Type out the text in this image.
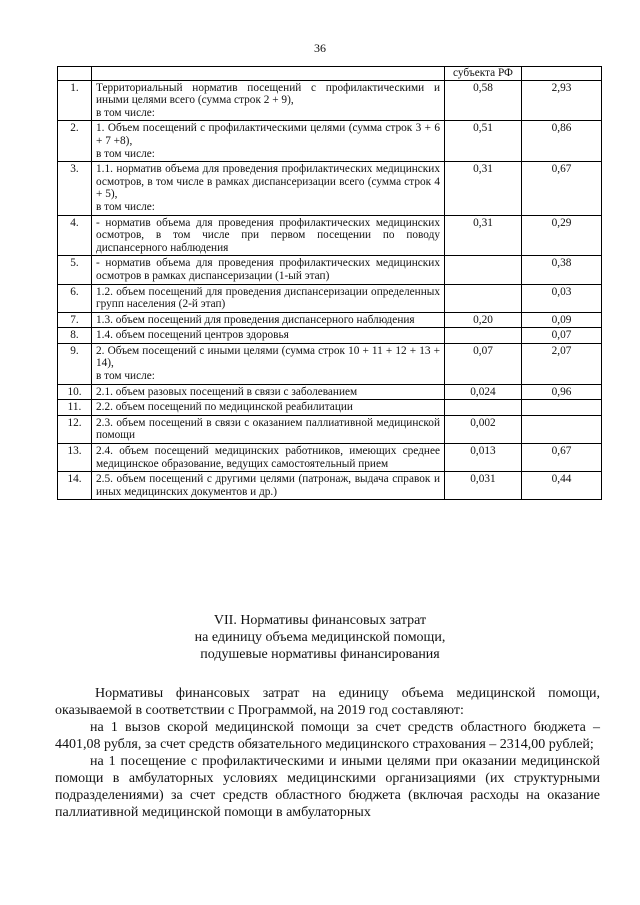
36
		субъекта РФ	
1.	Территориальный норматив посещений с профилактическими и иными целями всего (сумма строк 2 + 9),
в том числе:	0,58	2,93
2.	1. Объем посещений с профилактическими целями (сумма строк 3 + 6 + 7 +8),
в том числе:	0,51	0,86
3.	1.1. норматив объема для проведения профилактических медицинских осмотров, в том числе в рамках диспансеризации всего (сумма строк 4 + 5),
в том числе:	0,31	0,67
4.	- норматив объема для проведения профилактических медицинских осмотров, в том числе при первом посещении по поводу диспансерного наблюдения	0,31	0,29
5.	- норматив объема для проведения профилактических медицинских осмотров в рамках диспансеризации (1-ый этап)		0,38
6.	1.2. объем посещений для проведения диспансеризации определенных групп населения (2-й этап)		0,03
7.	1.3. объем посещений для проведения диспансерного наблюдения	0,20	0,09
8.	1.4. объем посещений центров здоровья		0,07
9.	2. Объем посещений с иными целями (сумма строк 10 + 11 + 12 + 13 + 14),
в том числе:	0,07	2,07
10.	2.1. объем разовых посещений в связи с заболеванием	0,024	0,96
11.	2.2. объем посещений по медицинской реабилитации		
12.	2.3. объем посещений в связи с оказанием паллиативной медицинской помощи	0,002	
13.	2.4. объем посещений медицинских работников, имеющих среднее медицинское образование, ведущих самостоятельный прием	0,013	0,67
14.	2.5. объем посещений с другими целями (патронаж, выдача справок и иных медицинских документов и др.)	0,031	0,44
VII. Нормативы финансовых затрат
на единицу объема медицинской помощи,
подушевые нормативы финансирования

Нормативы финансовых затрат на единицу объема медицинской помощи, оказываемой в соответствии с Программой, на 2019 год составляют:

на 1 вызов скорой медицинской помощи за счет средств областного бюджета – 4401,08 рубля, за счет средств обязательного медицинского страхования – 2314,00 рублей;

на 1 посещение с профилактическими и иными целями при оказании медицинской помощи в амбулаторных условиях медицинскими организациями (их структурными подразделениями) за счет средств областного бюджета (включая расходы на оказание паллиативной медицинской помощи в амбулаторных
